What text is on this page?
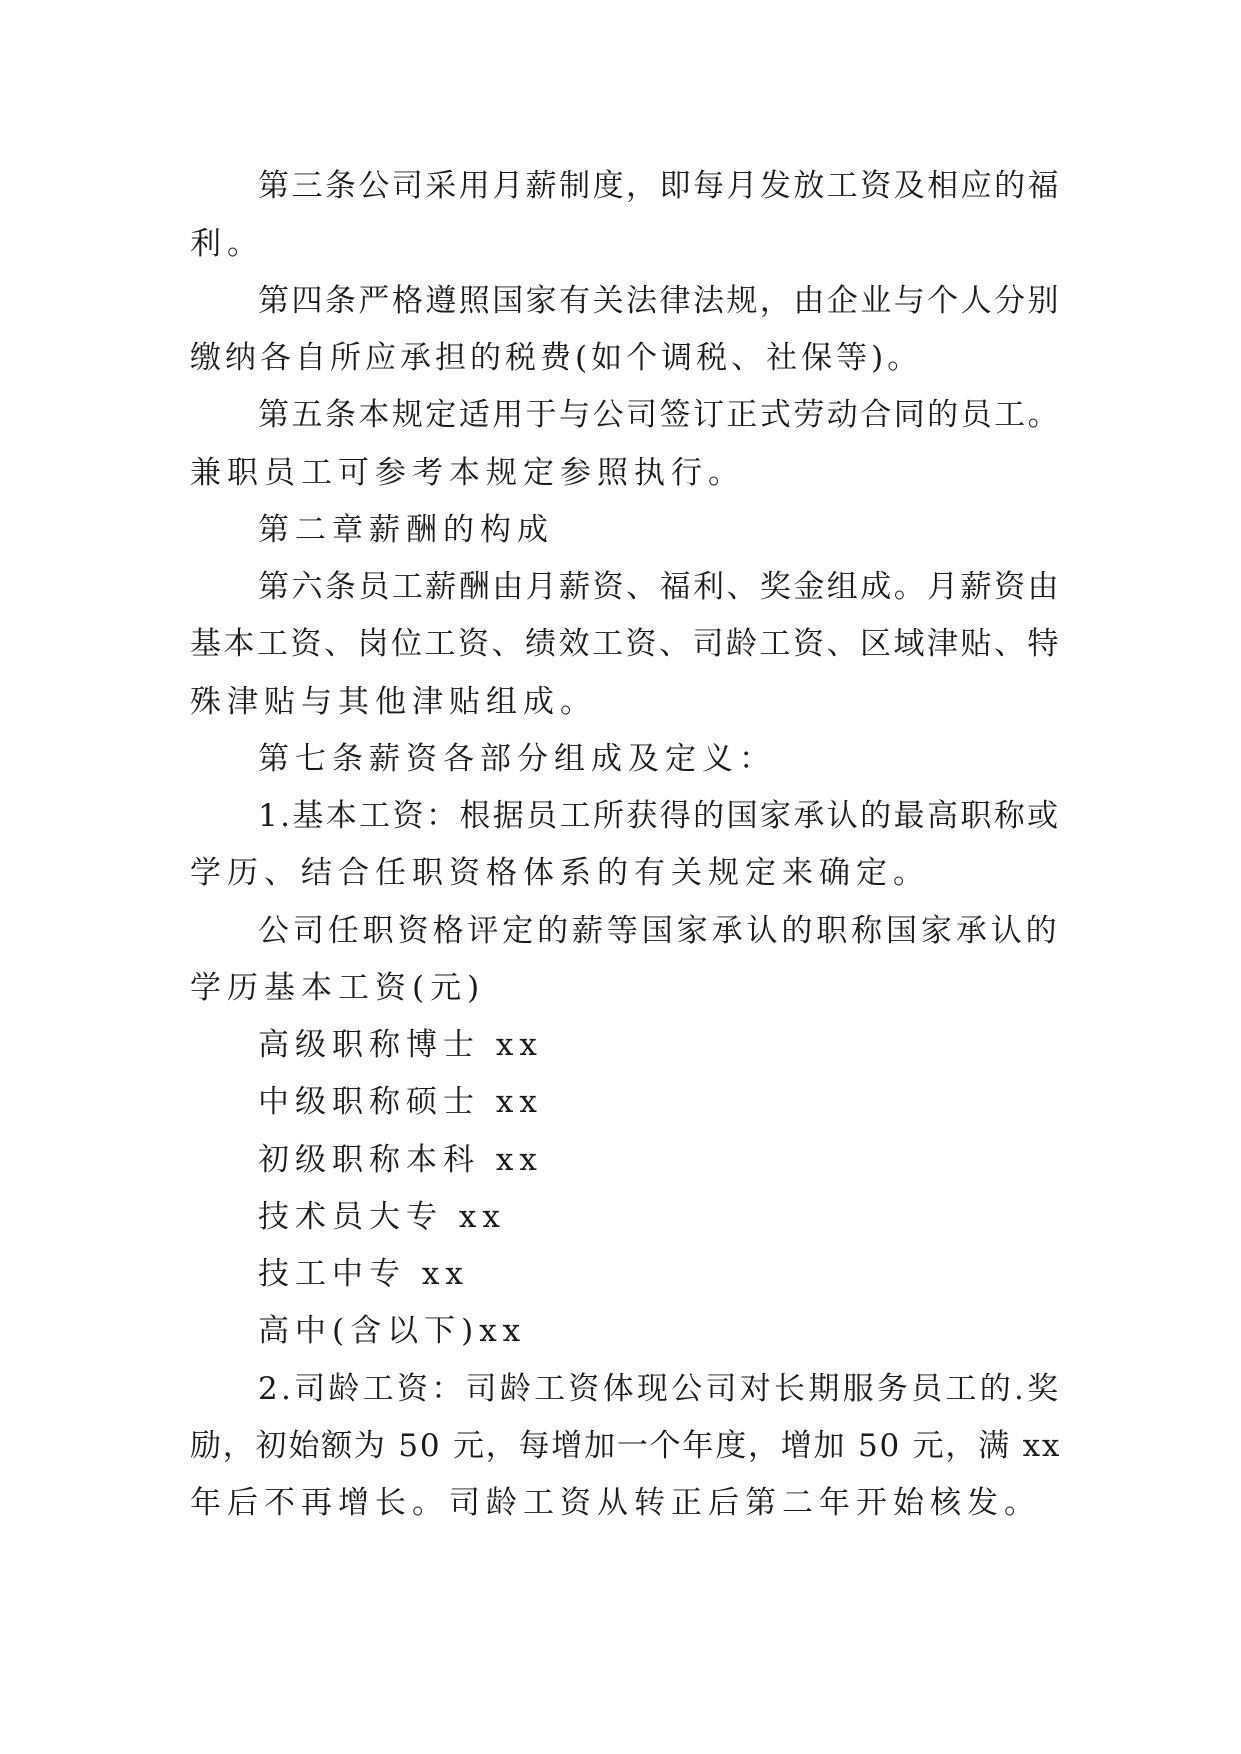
第三条公司采用月薪制度，即每月发放工资及相应的福
利。
第四条严格遵照国家有关法律法规，由企业与个人分别
缴纳各自所应承担的税费(如个调税、社保等)。
第五条本规定适用于与公司签订正式劳动合同的员工。
兼职员工可参考本规定参照执行。
第二章薪酬的构成
第六条员工薪酬由月薪资、福利、奖金组成。月薪资由
基本工资、岗位工资、绩效工资、司龄工资、区域津贴、特
殊津贴与其他津贴组成。
第七条薪资各部分组成及定义：
1.基本工资：根据员工所获得的国家承认的最高职称或
学历、结合任职资格体系的有关规定来确定。
公司任职资格评定的薪等国家承认的职称国家承认的
学历基本工资(元)
高级职称博士 xx
中级职称硕士 xx
初级职称本科 xx
技术员大专 xx
技工中专 xx
高中(含以下)xx
2.司龄工资：司龄工资体现公司对长期服务员工的.奖
励，初始额为 50 元，每增加一个年度，增加 50 元，满 xx
年后不再增长。司龄工资从转正后第二年开始核发。
